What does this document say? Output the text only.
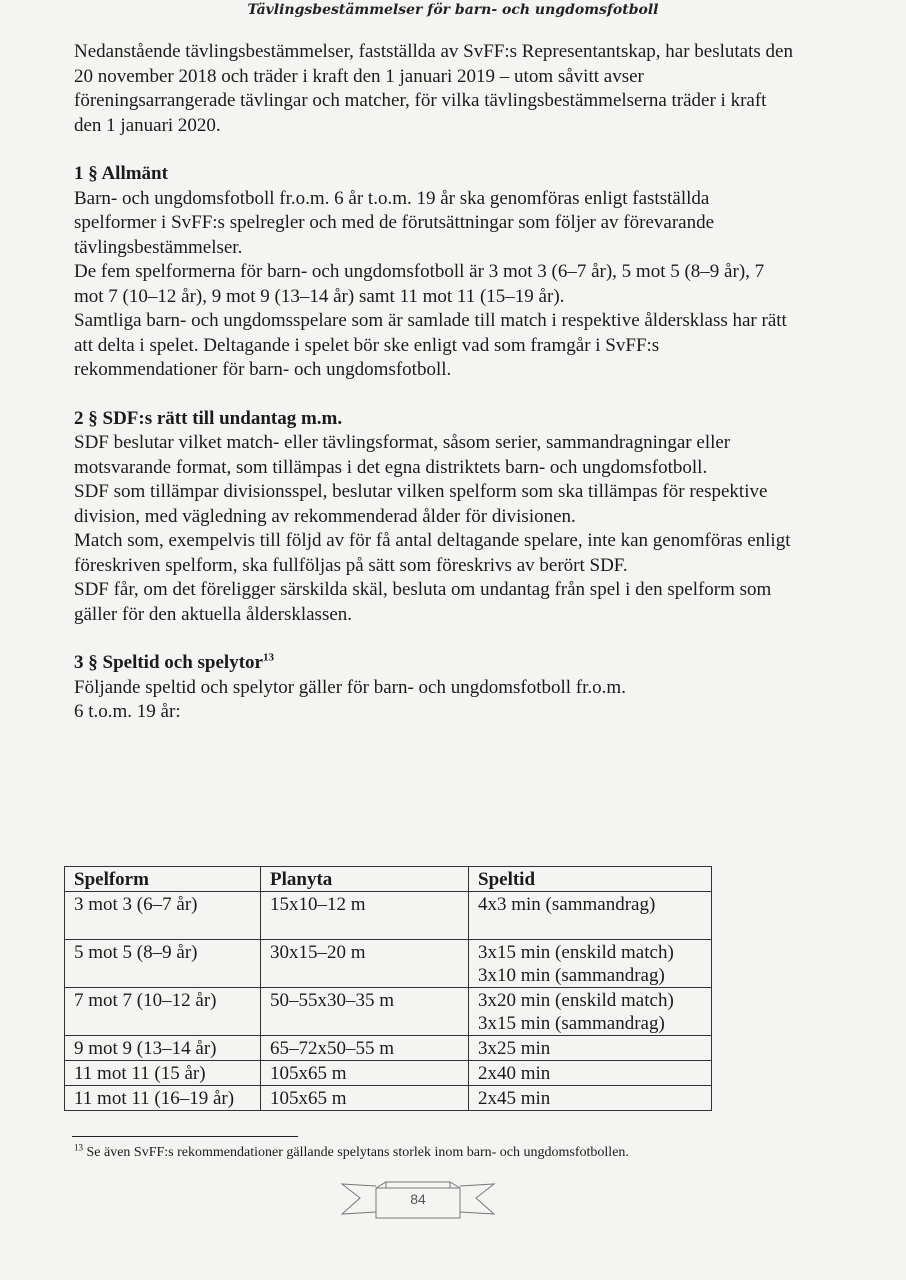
Tävlingsbestämmelser för barn- och ungdomsfotboll

Nedanstående tävlingsbestämmelser, fastställda av SvFF:s Representantskap, har beslutats den 20 november 2018 och träder i kraft den 1 januari 2019 – utom såvitt avser föreningsarrangerade tävlingar och matcher, för vilka tävlingsbestämmelserna träder i kraft den 1 januari 2020.

1 § Allmänt

Barn- och ungdomsfotboll fr.o.m. 6 år t.o.m. 19 år ska genomföras enligt fastställda spelformer i SvFF:s spelregler och med de förutsättningar som följer av förevarande tävlingsbestämmelser.

De fem spelformerna för barn- och ungdomsfotboll är 3 mot 3 (6–7 år), 5 mot 5 (8–9 år), 7 mot 7 (10–12 år), 9 mot 9 (13–14 år) samt 11 mot 11 (15–19 år).

Samtliga barn- och ungdomsspelare som är samlade till match i respektive åldersklass har rätt att delta i spelet. Deltagande i spelet bör ske enligt vad som framgår i SvFF:s rekommendationer för barn- och ungdomsfotboll.

2 § SDF:s rätt till undantag m.m.

SDF beslutar vilket match- eller tävlingsformat, såsom serier, sammandragningar eller motsvarande format, som tillämpas i det egna distriktets barn- och ungdomsfotboll.

SDF som tillämpar divisionsspel, beslutar vilken spelform som ska tillämpas för respektive division, med vägledning av rekommenderad ålder för divisionen.

Match som, exempelvis till följd av för få antal deltagande spelare, inte kan genomföras enligt föreskriven spelform, ska fullföljas på sätt som föreskrivs av berört SDF.

SDF får, om det föreligger särskilda skäl, besluta om undantag från spel i den spelform som gäller för den aktuella åldersklassen.

3 § Speltid och spelytor$^{13}$

Följande speltid och spelytor gäller för barn- och ungdomsfotboll fr.o.m. 6 t.o.m. 19 år:

Spelform	Planyta	Speltid
3 mot 3 (6–7 år)	15x10–12 m	4x3 min (sammandrag)
5 mot 5 (8–9 år)	30x15–20 m	3x15 min (enskild match)
3x10 min (sammandrag)

7 mot 7 (10–12 år)	50–55x30–35 m	3x20 min (enskild match)
3x15 min (sammandrag)

9 mot 9 (13–14 år)	65–72x50–55 m	3x25 min
11 mot 11 (15 år)	105x65 m	2x40 min
11 mot 11 (16–19 år)	105x65 m	2x45 min
$^{13}$ Se även SvFF:s rekommendationer gällande spelytans storlek inom barn- och ungdomsfotbollen.
84
